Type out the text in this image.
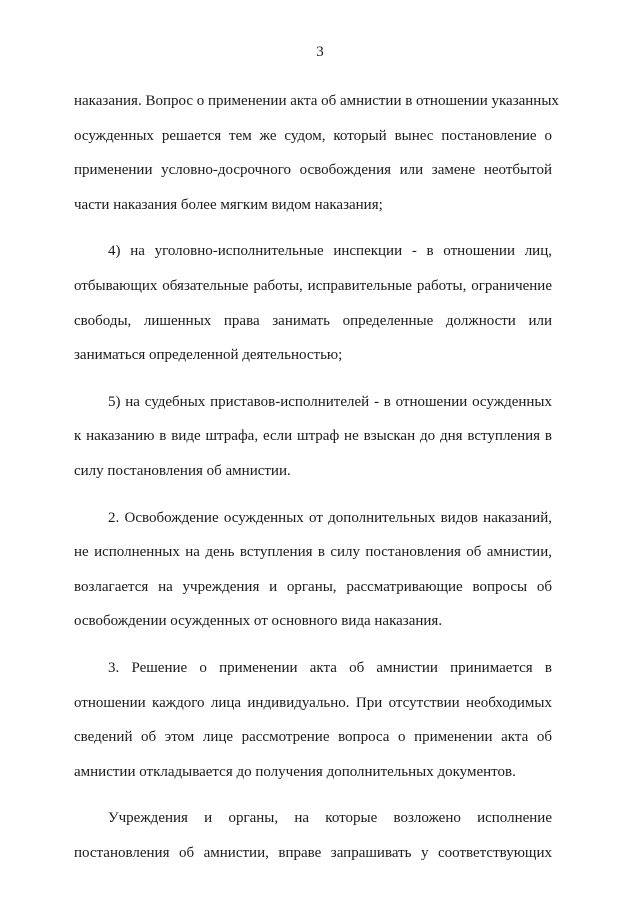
3
наказания. Вопрос о применении акта об амнистии в отношении указанных
осужденных решается тем же судом, который вынес постановление о
применении условно-досрочного освобождения или замене неотбытой
части наказания более мягким видом наказания;
4) на уголовно-исполнительные инспекции - в отношении лиц,
отбывающих обязательные работы, исправительные работы, ограничение
свободы, лишенных права занимать определенные должности или
заниматься определенной деятельностью;
5) на судебных приставов-исполнителей - в отношении осужденных
к наказанию в виде штрафа, если штраф не взыскан до дня вступления в
силу постановления об амнистии.
2. Освобождение осужденных от дополнительных видов наказаний,
не исполненных на день вступления в силу постановления об амнистии,
возлагается на учреждения и органы, рассматривающие вопросы об
освобождении осужденных от основного вида наказания.
3. Решение о применении акта об амнистии принимается в
отношении каждого лица индивидуально. При отсутствии необходимых
сведений об этом лице рассмотрение вопроса о применении акта об
амнистии откладывается до получения дополнительных документов.
Учреждения и органы, на которые возложено исполнение
постановления об амнистии, вправе запрашивать у соответствующих
